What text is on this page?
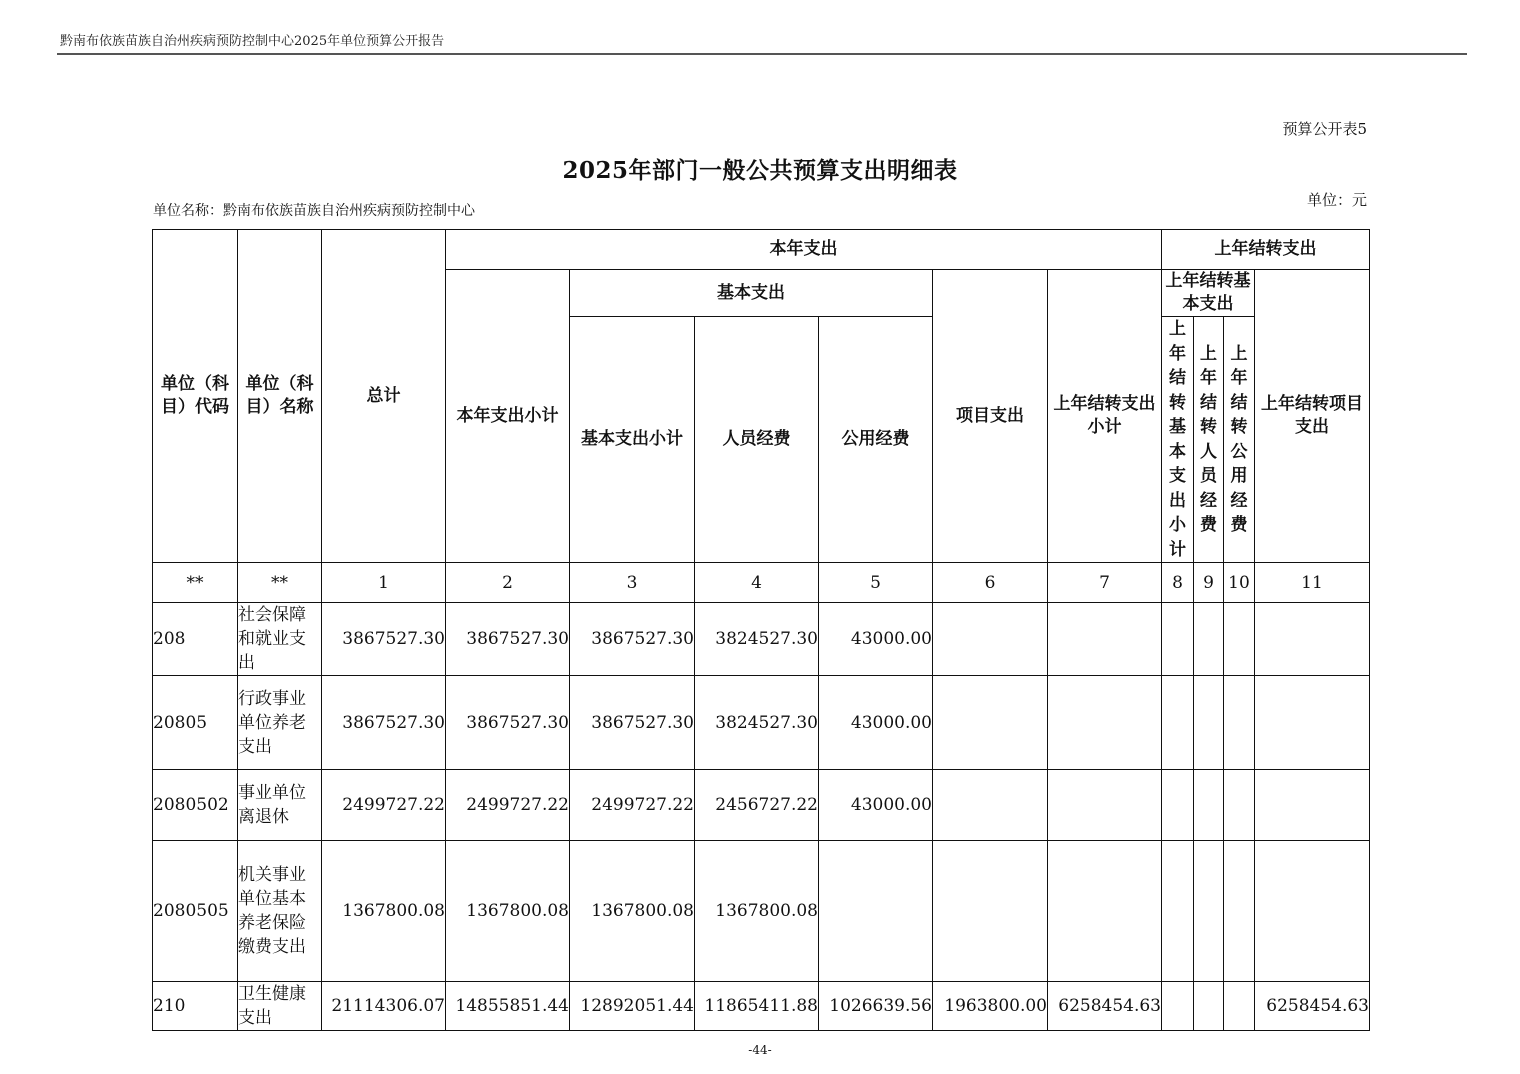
黔南布依族苗族自治州疾病预防控制中心2025年单位预算公开报告
预算公开表5
2025年部门一般公共预算支出明细表
单位名称：黔南布依族苗族自治州疾病预防控制中心
单位：元
单位（科目）代码	单位（科目）名称	总计	本年支出						上年结转支出			
			本年支出小计	基本支出			项目支出	上年结转支出小计	上年结转基本支出			上年结转项目支出
				基本支出小计	人员经费	公用经费			上年结转基本支出小计	上年结转人员经费	上年结转公用经费	

**	**	1	2	3	4	5	6	7	8	9	10	11
208	社会保障和就业支出	3867527.30	3867527.30	3867527.30	3824527.30	43000.00						
20805	行政事业单位养老支出	3867527.30	3867527.30	3867527.30	3824527.30	43000.00						
2080502	事业单位离退休	2499727.22	2499727.22	2499727.22	2456727.22	43000.00						
2080505	机关事业单位基本养老保险缴费支出	1367800.08	1367800.08	1367800.08	1367800.08							
210	卫生健康支出	21114306.07	14855851.44	12892051.44	11865411.88	1026639.56	1963800.00	6258454.63				6258454.63
-44-
